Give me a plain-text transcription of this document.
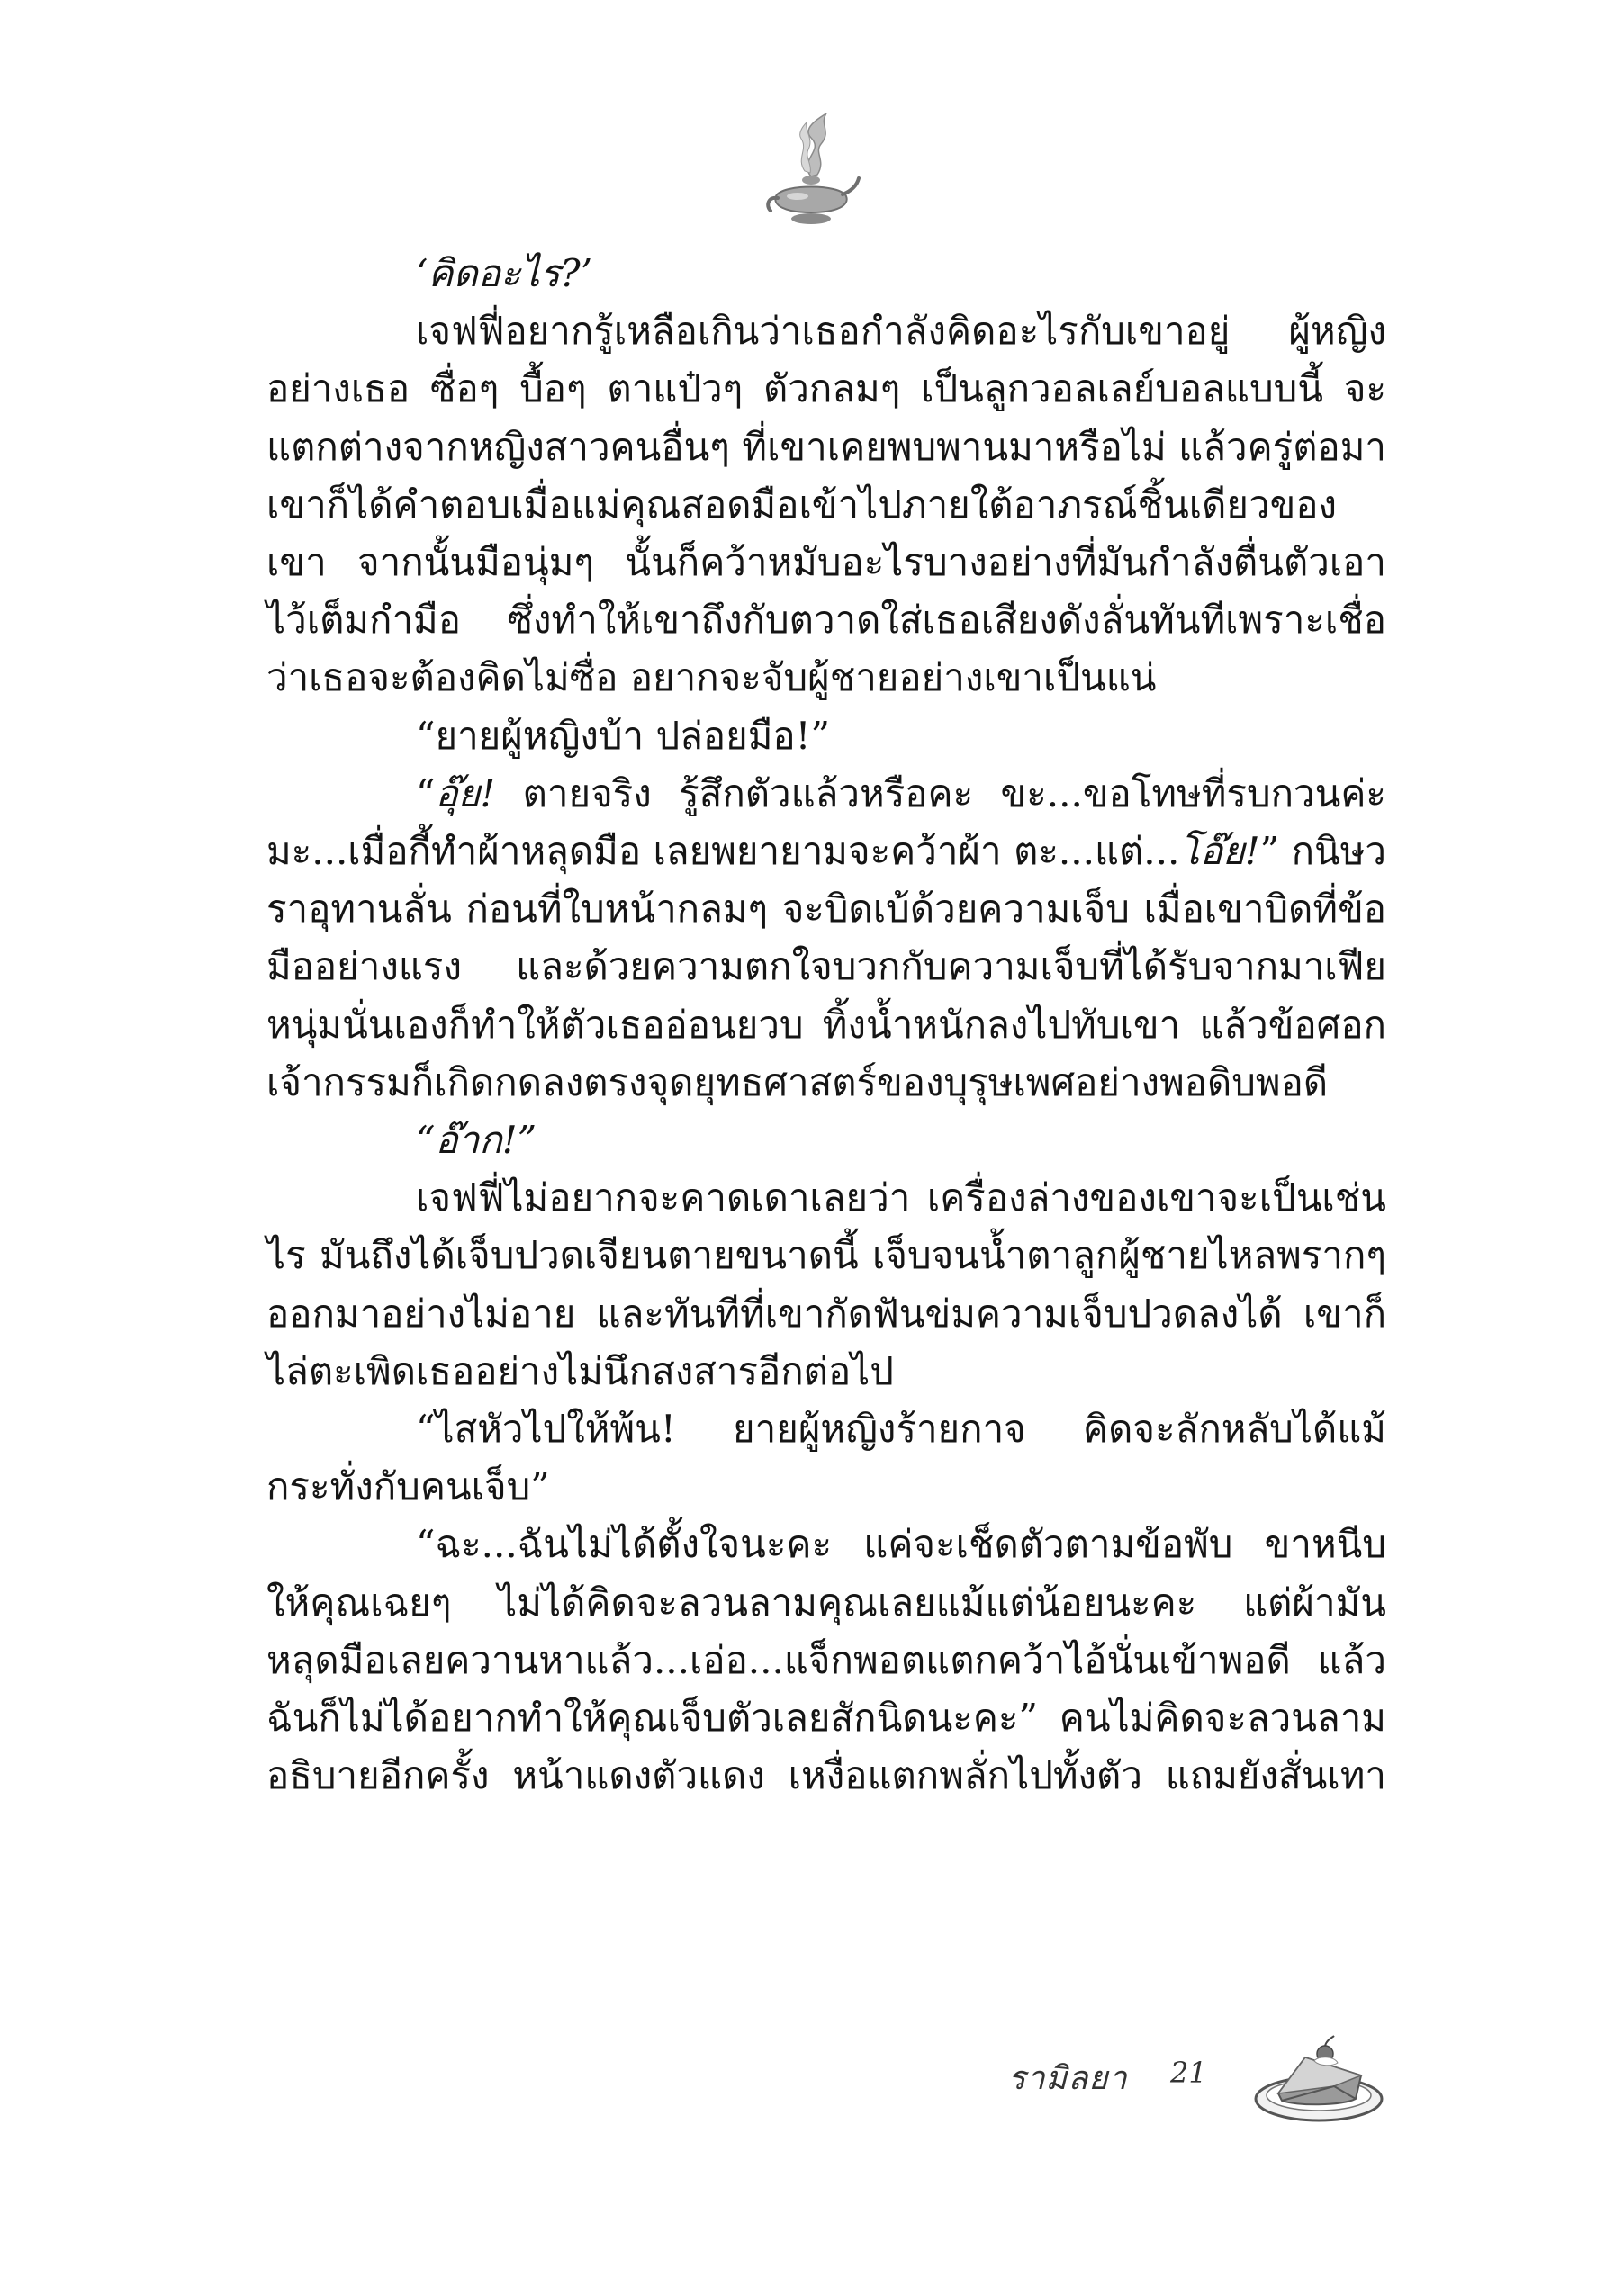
‘คิดอะไร?’

เจฟฟี่อยากรู้เหลือเกินว่าเธอกำลังคิดอะไรกับเขาอยู่ ผู้หญิงอย่างเธอ ซื่อๆ บื้อๆ ตาแป๋วๆ ตัวกลมๆ เป็นลูกวอลเลย์บอลแบบนี้ จะแตกต่างจากหญิงสาวคนอื่นๆ ที่เขาเคยพบพานมาหรือไม่ แล้วครู่ต่อมาเขาก็ได้คำตอบเมื่อแม่คุณสอดมือเข้าไปภายใต้อาภรณ์ชิ้นเดียวของเขา จากนั้นมือนุ่มๆ นั้นก็คว้าหมับอะไรบางอย่างที่มันกำลังตื่นตัวเอาไว้เต็มกำมือ ซึ่งทำให้เขาถึงกับตวาดใส่เธอเสียงดังลั่นทันทีเพราะเชื่อว่าเธอจะต้องคิดไม่ซื่อ อยากจะจับผู้ชายอย่างเขาเป็นแน่

“ยายผู้หญิงบ้า ปล่อยมือ!”

“อุ๊ย! ตายจริง รู้สึกตัวแล้วหรือคะ ขะ...ขอโทษที่รบกวนค่ะ มะ...เมื่อกี้ทำผ้าหลุดมือ เลยพยายามจะคว้าผ้า ตะ...แต่...โอ๊ย!” กนิษวราอุทานลั่น ก่อนที่ใบหน้ากลมๆ จะบิดเบ้ด้วยความเจ็บ เมื่อเขาบิดที่ข้อมืออย่างแรง และด้วยความตกใจบวกกับความเจ็บที่ได้รับจากมาเฟียหนุ่มนั่นเองก็ทำให้ตัวเธออ่อนยวบ ทิ้งน้ำหนักลงไปทับเขา แล้วข้อศอกเจ้ากรรมก็เกิดกดลงตรงจุดยุทธศาสตร์ของบุรุษเพศอย่างพอดิบพอดี

“อ๊าก!”

เจฟฟี่ไม่อยากจะคาดเดาเลยว่า เครื่องล่างของเขาจะเป็นเช่นไร มันถึงได้เจ็บปวดเจียนตายขนาดนี้ เจ็บจนน้ำตาลูกผู้ชายไหลพรากๆ ออกมาอย่างไม่อาย และทันทีที่เขากัดฟันข่มความเจ็บปวดลงได้ เขาก็ไล่ตะเพิดเธออย่างไม่นึกสงสารอีกต่อไป

“ไสหัวไปให้พ้น! ยายผู้หญิงร้ายกาจ คิดจะลักหลับได้แม้กระทั่งกับคนเจ็บ”

“ฉะ...ฉันไม่ได้ตั้งใจนะคะ แค่จะเช็ดตัวตามข้อพับ ขาหนีบให้คุณเฉยๆ ไม่ได้คิดจะลวนลามคุณเลยแม้แต่น้อยนะคะ แต่ผ้ามันหลุดมือเลยควานหาแล้ว...เอ่อ...แจ็กพอตแตกคว้าไอ้นั่นเข้าพอดี แล้วฉันก็ไม่ได้อยากทำให้คุณเจ็บตัวเลยสักนิดนะคะ” คนไม่คิดจะลวนลามอธิบายอีกครั้ง หน้าแดงตัวแดง เหงื่อแตกพลั่กไปทั้งตัว แถมยังสั่นเทา

รามิลยา 21
